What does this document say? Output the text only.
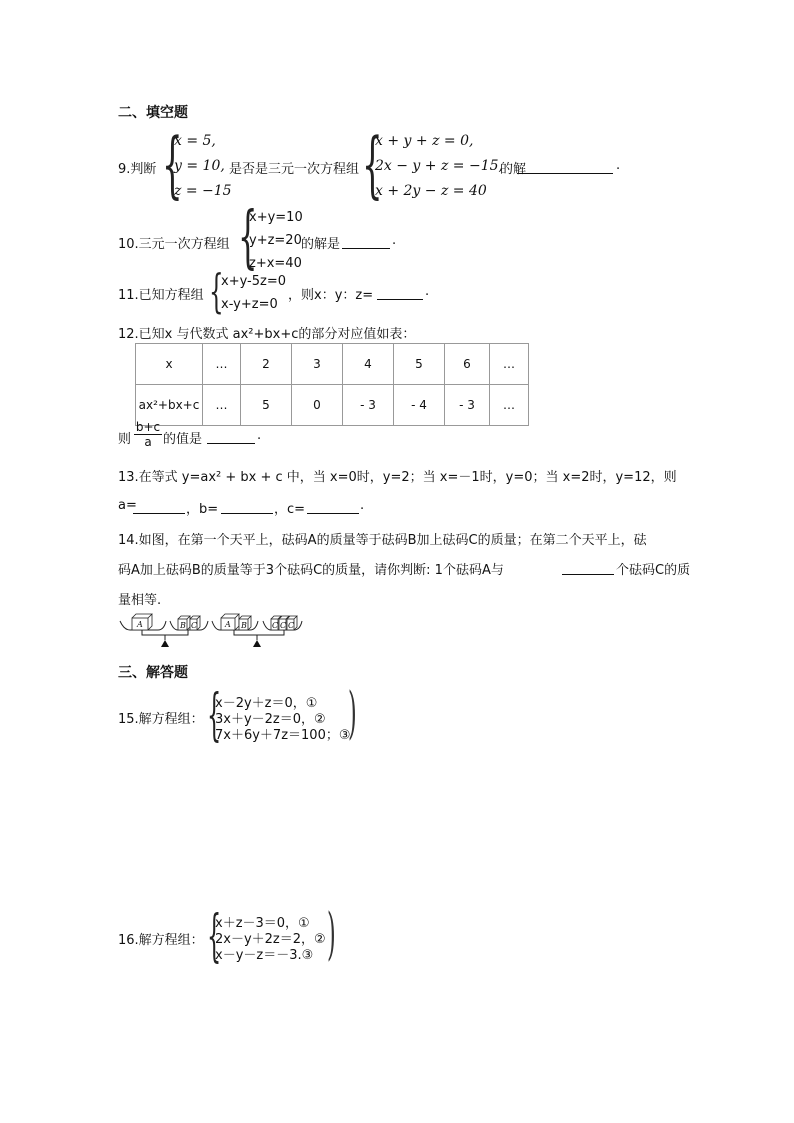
二、填空题
9.判断 {
x = 5,
y = 10,
z = −15
是否是三元一次方程组 {
x + y + z = 0,
2x − y + z = −15,
x + 2y − z = 40
的解	.
10.三元一次方程组 {
x+y=10
y+z=20
z+x=40
的解是	.
11.已知方程组 {
x+y-5z=0
x-y+z=0
，则x：y：z=	.
12.已知x 与代数式 ax²+bx+c的部分对应值如表：
x	…	2	3	4	5	6	…
ax²+bx+c	…	5	0	- 3	- 4	- 3	…
则 $\frac{b+c}{a}$ 的值是	.
13.在等式 y=ax² + bx + c 中，当 x=0时，y=2；当 x=－1时，y=0；当 x=2时，y=12，则
a=	，b=	，c=	.
14.如图，在第一个天平上，砝码A的质量等于砝码B加上砝码C的质量；在第二个天平上，砝
码A加上砝码B的质量等于3个砝码C的质量，请你判断: 1个砝码A与	个砝码C的质
量相等.
A	B C	A B	C C C
三、解答题
15.解方程组： {
x－2y＋z＝0，①
3x＋y－2z＝0，②
7x＋6y＋7z＝100；③
)
16.解方程组： {
x＋z－3＝0，①
2x－y＋2z＝2，②
x－y－z＝－3.③ )
